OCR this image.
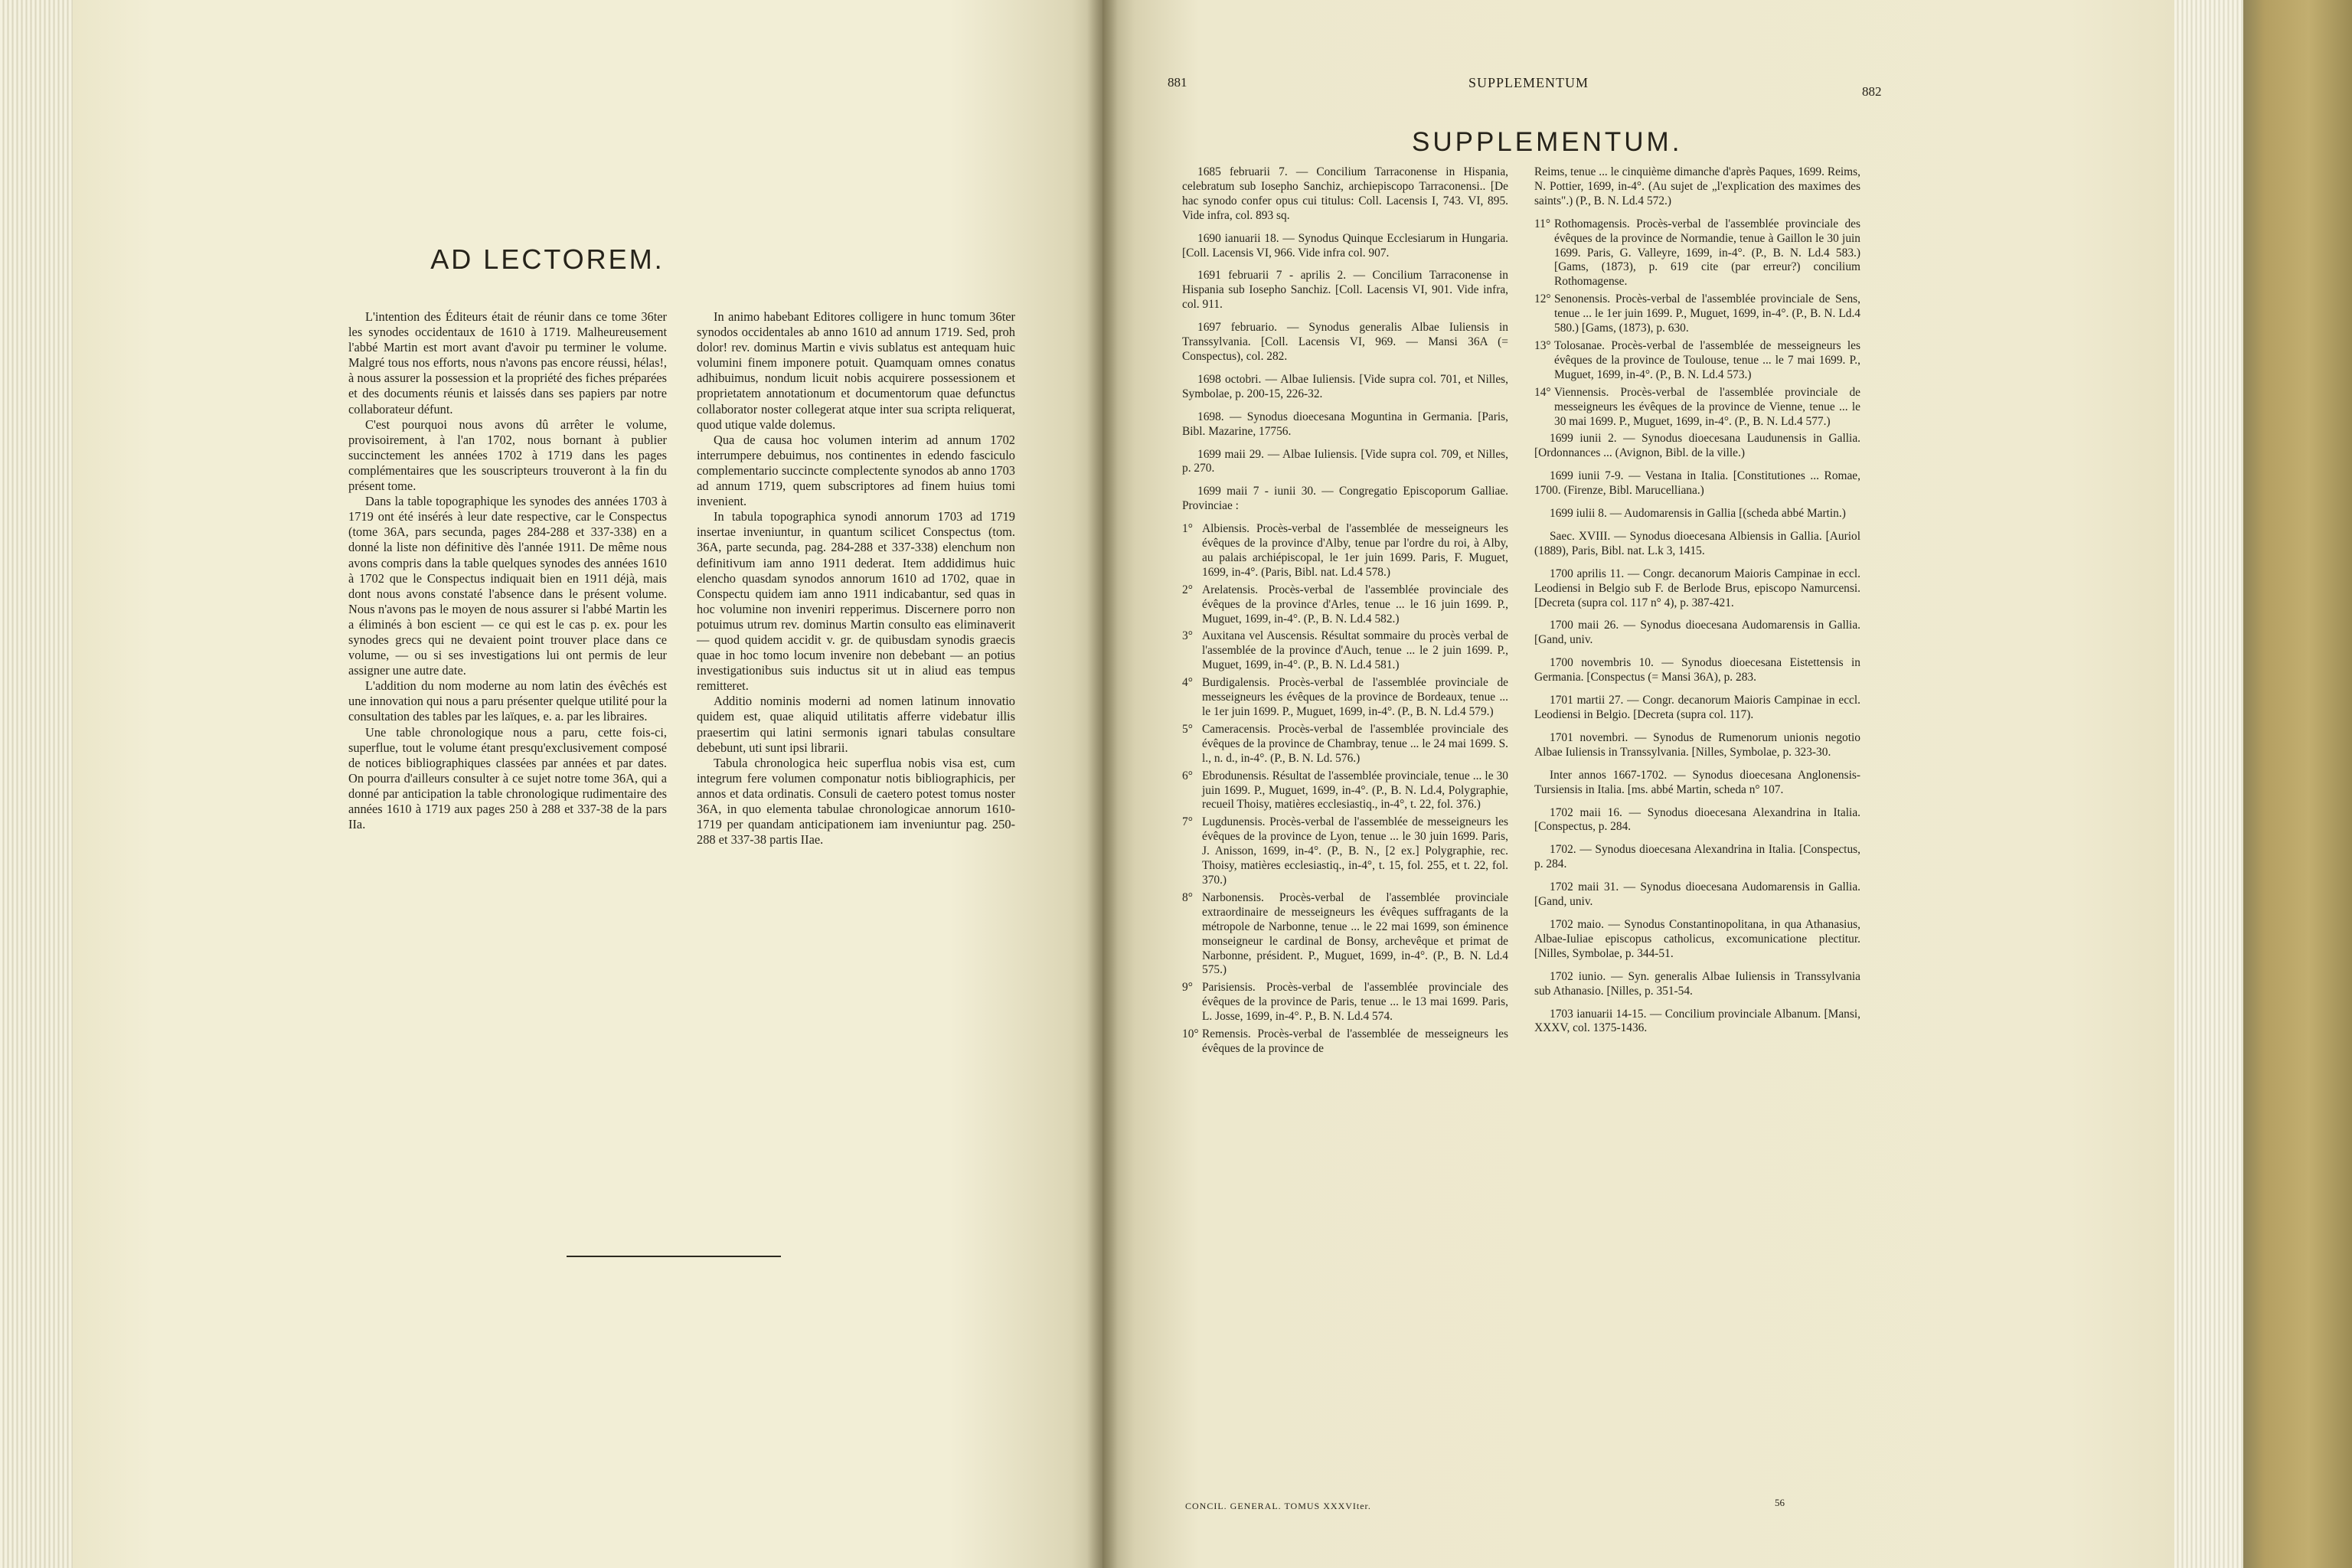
AD LECTOREM.

L'intention des Éditeurs était de réunir dans ce tome 36ter les synodes occidentaux de 1610 à 1719. Malheureusement l'abbé Martin est mort avant d'avoir pu terminer le volume. Malgré tous nos efforts, nous n'avons pas encore réussi, hélas!, à nous assurer la possession et la propriété des fiches préparées et des documents réunis et laissés dans ses papiers par notre collaborateur défunt.

C'est pourquoi nous avons dû arrêter le volume, provisoirement, à l'an 1702, nous bornant à publier succinctement les années 1702 à 1719 dans les pages complémentaires que les souscripteurs trouveront à la fin du présent tome.

Dans la table topographique les synodes des années 1703 à 1719 ont été insérés à leur date respective, car le Conspectus (tome 36A, pars secunda, pages 284-288 et 337-338) en a donné la liste non définitive dès l'année 1911. De même nous avons compris dans la table quelques synodes des années 1610 à 1702 que le Conspectus indiquait bien en 1911 déjà, mais dont nous avons constaté l'absence dans le présent volume. Nous n'avons pas le moyen de nous assurer si l'abbé Martin les a éliminés à bon escient — ce qui est le cas p. ex. pour les synodes grecs qui ne devaient point trouver place dans ce volume, — ou si ses investigations lui ont permis de leur assigner une autre date.

L'addition du nom moderne au nom latin des évêchés est une innovation qui nous a paru présenter quelque utilité pour la consultation des tables par les laïques, e. a. par les libraires.

Une table chronologique nous a paru, cette fois-ci, superflue, tout le volume étant presqu'exclusivement composé de notices bibliographiques classées par années et par dates. On pourra d'ailleurs consulter à ce sujet notre tome 36A, qui a donné par anticipation la table chronologique rudimentaire des années 1610 à 1719 aux pages 250 à 288 et 337-38 de la pars IIa.

In animo habebant Editores colligere in hunc tomum 36ter synodos occidentales ab anno 1610 ad annum 1719. Sed, proh dolor! rev. dominus Martin e vivis sublatus est antequam huic volumini finem imponere potuit. Quamquam omnes conatus adhibuimus, nondum licuit nobis acquirere possessionem et proprietatem annotationum et documentorum quae defunctus collaborator noster collegerat atque inter sua scripta reliquerat, quod utique valde dolemus.

Qua de causa hoc volumen interim ad annum 1702 interrumpere debuimus, nos continentes in edendo fasciculo complementario succincte complectente synodos ab anno 1703 ad annum 1719, quem subscriptores ad finem huius tomi invenient.

In tabula topographica synodi annorum 1703 ad 1719 insertae inveniuntur, in quantum scilicet Conspectus (tom. 36A, parte secunda, pag. 284-288 et 337-338) elenchum non definitivum iam anno 1911 dederat. Item addidimus huic elencho quasdam synodos annorum 1610 ad 1702, quae in Conspectu quidem iam anno 1911 indicabantur, sed quas in hoc volumine non inveniri repperimus. Discernere porro non potuimus utrum rev. dominus Martin consulto eas eliminaverit — quod quidem accidit v. gr. de quibusdam synodis graecis quae in hoc tomo locum invenire non debebant — an potius investigationibus suis inductus sit ut in aliud eas tempus remitteret.

Additio nominis moderni ad nomen latinum innovatio quidem est, quae aliquid utilitatis afferre videbatur illis praesertim qui latini sermonis ignari tabulas consultare debebunt, uti sunt ipsi librarii.

Tabula chronologica heic superflua nobis visa est, cum integrum fere volumen componatur notis bibliographicis, per annos et data ordinatis. Consuli de caetero potest tomus noster 36A, in quo elementa tabulae chronologicae annorum 1610-1719 per quandam anticipationem iam inveniuntur pag. 250-288 et 337-38 partis IIae.

881	SUPPLEMENTUM
882
SUPPLEMENTUM.
1685 februarii 7. — Concilium Tarraconense in Hispania, celebratum sub Iosepho Sanchiz, archiepiscopo Tarraconensi.. [De hac synodo confer opus cui titulus: Coll. Lacensis I, 743. VI, 895. Vide infra, col. 893 sq.
1690 ianuarii 18. — Synodus Quinque Ecclesiarum in Hungaria. [Coll. Lacensis VI, 966. Vide infra col. 907.
1691 februarii 7 - aprilis 2. — Concilium Tarraconense in Hispania sub Iosepho Sanchiz. [Coll. Lacensis VI, 901. Vide infra, col. 911.
1697 februario. — Synodus generalis Albae Iuliensis in Transsylvania. [Coll. Lacensis VI, 969. — Mansi 36A (= Conspectus), col. 282.
1698 octobri. — Albae Iuliensis. [Vide supra col. 701, et Nilles, Symbolae, p. 200-15, 226-32.
1698. — Synodus dioecesana Moguntina in Germania. [Paris, Bibl. Mazarine, 17756.
1699 maii 29. — Albae Iuliensis. [Vide supra col. 709, et Nilles, p. 270.
1699 maii 7 - iunii 30. — Congregatio Episcoporum Galliae. Provinciae :
1° Albiensis. Procès-verbal de l'assemblée de messeigneurs les évêques de la province d'Alby, tenue par l'ordre du roi, à Alby, au palais archiépiscopal, le 1er juin 1699. Paris, F. Muguet, 1699, in-4°. (Paris, Bibl. nat. Ld.4 578.)
2° Arelatensis. Procès-verbal de l'assemblée provinciale des évêques de la province d'Arles, tenue ... le 16 juin 1699. P., Muguet, 1699, in-4°. (P., B. N. Ld.4 582.)
3° Auxitana vel Auscensis. Résultat sommaire du procès verbal de l'assemblée de la province d'Auch, tenue ... le 2 juin 1699. P., Muguet, 1699, in-4°. (P., B. N. Ld.4 581.)
4° Burdigalensis. Procès-verbal de l'assemblée provinciale de messeigneurs les évêques de la province de Bordeaux, tenue ... le 1er juin 1699. P., Muguet, 1699, in-4°. (P., B. N. Ld.4 579.)
5° Cameracensis. Procès-verbal de l'assemblée provinciale des évêques de la province de Chambray, tenue ... le 24 mai 1699. S. l., n. d., in-4°. (P., B. N. Ld. 576.)
6° Ebrodunensis. Résultat de l'assemblée provinciale, tenue ... le 30 juin 1699. P., Muguet, 1699, in-4°. (P., B. N. Ld.4, Polygraphie, recueil Thoisy, matières ecclesiastiq., in-4°, t. 22, fol. 376.)
7° Lugdunensis. Procès-verbal de l'assemblée de messeigneurs les évêques de la province de Lyon, tenue ... le 30 juin 1699. Paris, J. Anisson, 1699, in-4°. (P., B. N., [2 ex.] Polygraphie, rec. Thoisy, matières ecclesiastiq., in-4°, t. 15, fol. 255, et t. 22, fol. 370.)
8° Narbonensis. Procès-verbal de l'assemblée provinciale extraordinaire de messeigneurs les évêques suffragants de la métropole de Narbonne, tenue ... le 22 mai 1699, son éminence monseigneur le cardinal de Bonsy, archevêque et primat de Narbonne, président. P., Muguet, 1699, in-4°. (P., B. N. Ld.4 575.)
9° Parisiensis. Procès-verbal de l'assemblée provinciale des évêques de la province de Paris, tenue ... le 13 mai 1699. Paris, L. Josse, 1699, in-4°. P., B. N. Ld.4 574.
10° Remensis. Procès-verbal de l'assemblée de messeigneurs les évêques de la province de
Reims, tenue ... le cinquième dimanche d'après Paques, 1699. Reims, N. Pottier, 1699, in-4°. (Au sujet de „l'explication des maximes des saints".) (P., B. N. Ld.4 572.)
11° Rothomagensis. Procès-verbal de l'assemblée provinciale des évêques de la province de Normandie, tenue à Gaillon le 30 juin 1699. Paris, G. Valleyre, 1699, in-4°. (P., B. N. Ld.4 583.) [Gams, (1873), p. 619 cite (par erreur?) concilium Rothomagense.
12° Senonensis. Procès-verbal de l'assemblée provinciale de Sens, tenue ... le 1er juin 1699. P., Muguet, 1699, in-4°. (P., B. N. Ld.4 580.) [Gams, (1873), p. 630.
13° Tolosanae. Procès-verbal de l'assemblée de messeigneurs les évêques de la province de Toulouse, tenue ... le 7 mai 1699. P., Muguet, 1699, in-4°. (P., B. N. Ld.4 573.)
14° Viennensis. Procès-verbal de l'assemblée provinciale de messeigneurs les évêques de la province de Vienne, tenue ... le 30 mai 1699. P., Muguet, 1699, in-4°. (P., B. N. Ld.4 577.)
1699 iunii 2. — Synodus dioecesana Laudunensis in Gallia. [Ordonnances ... (Avignon, Bibl. de la ville.)
1699 iunii 7-9. — Vestana in Italia. [Constitutiones ... Romae, 1700. (Firenze, Bibl. Marucelliana.)
1699 iulii 8. — Audomarensis in Gallia [(scheda abbé Martin.)
Saec. XVIII. — Synodus dioecesana Albiensis in Gallia. [Auriol (1889), Paris, Bibl. nat. L.k 3, 1415.
1700 aprilis 11. — Congr. decanorum Maioris Campinae in eccl. Leodiensi in Belgio sub F. de Berlode Brus, episcopo Namurcensi. [Decreta (supra col. 117 n° 4), p. 387-421.
1700 maii 26. — Synodus dioecesana Audomarensis in Gallia. [Gand, univ.
1700 novembris 10. — Synodus dioecesana Eistettensis in Germania. [Conspectus (= Mansi 36A), p. 283.
1701 martii 27. — Congr. decanorum Maioris Campinae in eccl. Leodiensi in Belgio. [Decreta (supra col. 117).
1701 novembri. — Synodus de Rumenorum unionis negotio Albae Iuliensis in Transsylvania. [Nilles, Symbolae, p. 323-30.
Inter annos 1667-1702. — Synodus dioecesana Anglonensis-Tursiensis in Italia. [ms. abbé Martin, scheda n° 107.
1702 maii 16. — Synodus dioecesana Alexandrina in Italia. [Conspectus, p. 284.
1702. — Synodus dioecesana Alexandrina in Italia. [Conspectus, p. 284.
1702 maii 31. — Synodus dioecesana Audomarensis in Gallia. [Gand, univ.
1702 maio. — Synodus Constantinopolitana, in qua Athanasius, Albae-Iuliae episcopus catholicus, excomunicatione plectitur. [Nilles, Symbolae, p. 344-51.
1702 iunio. — Syn. generalis Albae Iuliensis in Transsylvania sub Athanasio. [Nilles, p. 351-54.
1703 ianuarii 14-15. — Concilium provinciale Albanum. [Mansi, XXXV, col. 1375-1436.
CONCIL. GENERAL. TOMUS XXXVIter.	56
